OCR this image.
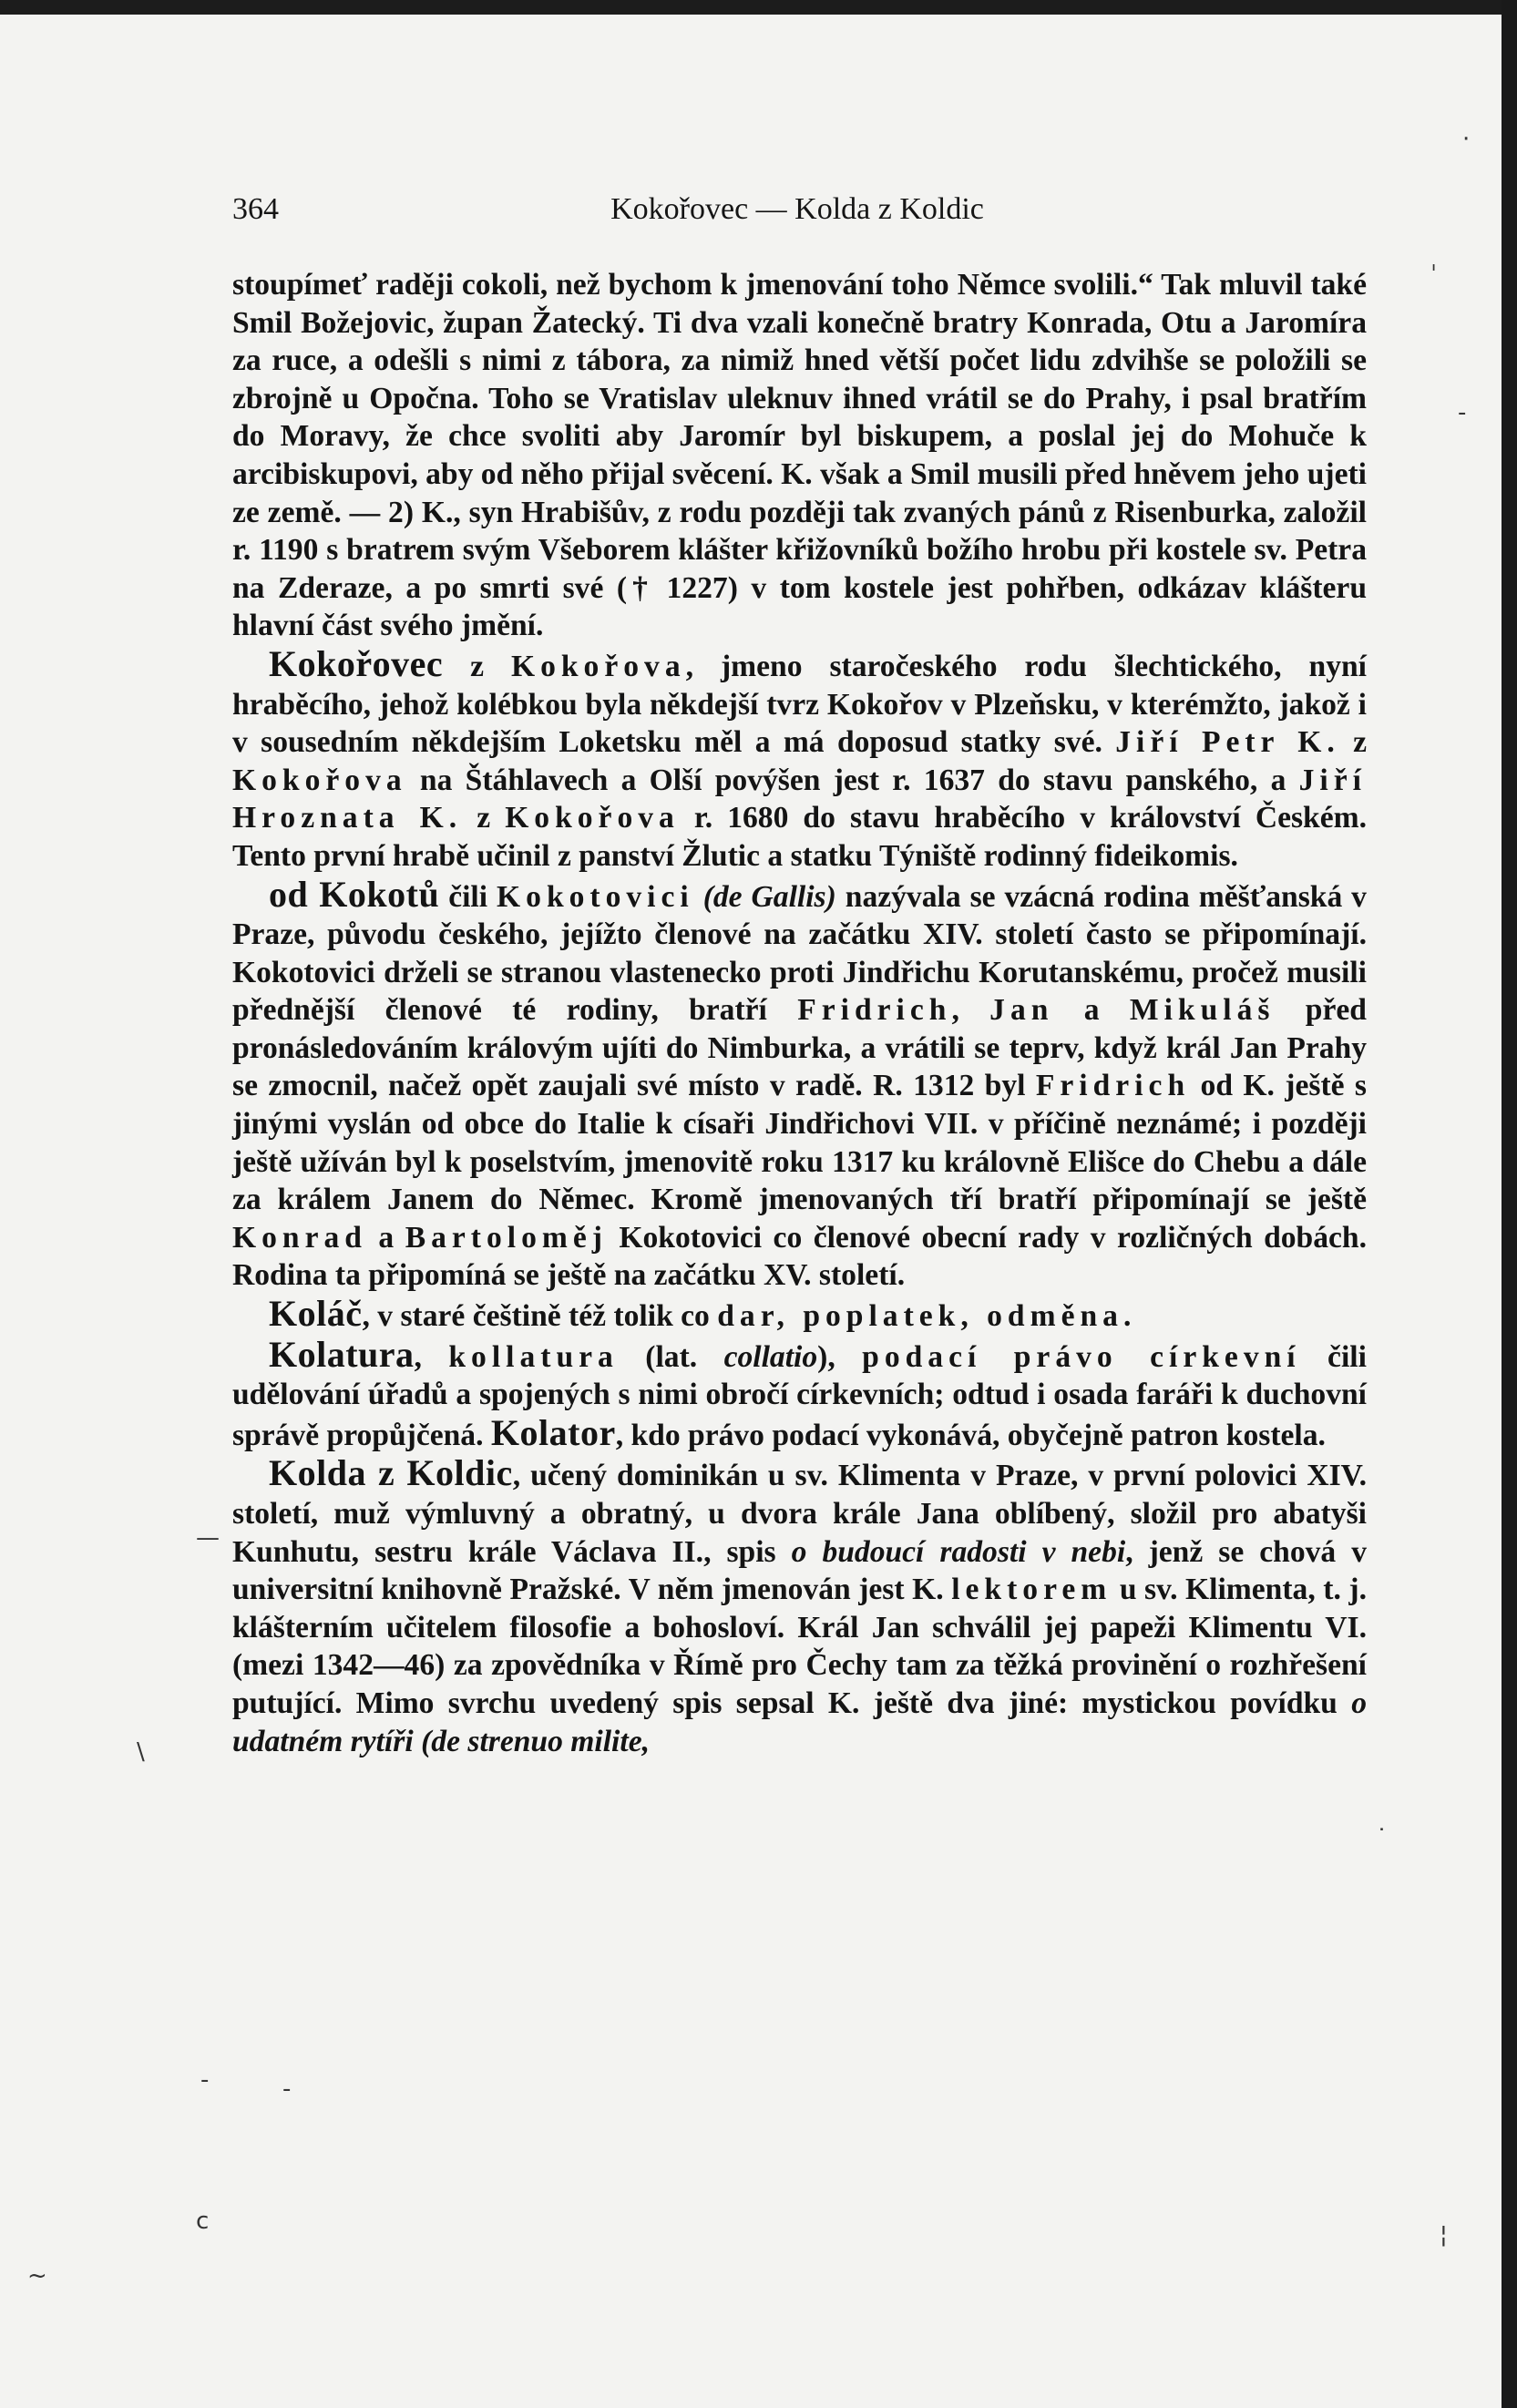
364	Kokořovec — Kolda z Koldic

stoupímeť raději cokoli, než bychom k jmenování toho Němce svolili.“ Tak mluvil také Smil Božejovic, župan Žatecký. Ti dva vzali konečně bratry Konrada, Otu a Jaromíra za ruce, a odešli s nimi z tábora, za nimiž hned větší počet lidu zdvihše se položili se zbrojně u Opočna. Toho se Vratislav uleknuv ihned vrátil se do Prahy, i psal bratřím do Moravy, že chce svoliti aby Jaromír byl biskupem, a poslal jej do Mohuče k arcibiskupovi, aby od něho přijal svěcení. K. však a Smil musili před hněvem jeho ujeti ze země. — 2) K., syn Hrabišův, z rodu později tak zvaných pánů z Risenburka, založil r. 1190 s bratrem svým Všeborem klášter křižovníků božího hrobu při kostele sv. Petra na Zderaze, a po smrti své († 1227) v tom kostele jest pohřben, odkázav klášteru hlavní část svého jmění.

Kokořovec z Kokořova, jmeno staročeského rodu šlechtického, nyní hraběcího, jehož kolébkou byla někdejší tvrz Kokořov v Plzeňsku, v kterémžto, jakož i v sousedním někdejším Loketsku měl a má doposud statky své. Jiří Petr K. z Kokořova na Štáhlavech a Olší povýšen jest r. 1637 do stavu panského, a Jiří Hroznata K. z Kokořova r. 1680 do stavu hraběcího v království Českém. Tento první hrabě učinil z panství Žlutic a statku Týniště rodinný fideikomis.

od Kokotů čili Kokotovici (de Gallis) nazývala se vzácná rodina měšťanská v Praze, původu českého, jejížto členové na začátku XIV. století často se připomínají. Kokotovici drželi se stranou vlastenecko proti Jindřichu Korutanskému, pročež musili přednější členové té rodiny, bratří Fridrich, Jan a Mikuláš před pronásledováním královým ujíti do Nimburka, a vrátili se teprv, když král Jan Prahy se zmocnil, načež opět zaujali své místo v radě. R. 1312 byl Fridrich od K. ještě s jinými vyslán od obce do Italie k císaři Jindřichovi VII. v příčině neznámé; i později ještě užíván byl k poselstvím, jmenovitě roku 1317 ku královně Elišce do Chebu a dále za králem Janem do Němec. Kromě jmenovaných tří bratří připomínají se ještě Konrad a Bartoloměj Kokotovici co členové obecní rady v rozličných dobách. Rodina ta připomíná se ještě na začátku XV. století.

Koláč, v staré češtině též tolik co dar, poplatek, odměna.

Kolatura, kollatura (lat. collatio), podací právo církevní čili udělování úřadů a spojených s nimi obročí církevních; odtud i osada faráři k duchovní správě propůjčená. Kolator, kdo právo podací vykonává, obyčejně patron kostela.

Kolda z Koldic, učený dominikán u sv. Klimenta v Praze, v první polovici XIV. století, muž výmluvný a obratný, u dvora krále Jana oblíbený, složil pro abatyši Kunhutu, sestru krále Václava II., spis o budoucí radosti v nebi, jenž se chová v universitní knihovně Pražské. V něm jmenován jest K. lektorem u sv. Klimenta, t. j. klášterním učitelem filosofie a bohosloví. Král Jan schválil jej papeži Klimentu VI. (mezi 1342—46) za zpovědníka v Římě pro Čechy tam za těžká provinění o rozhřešení putující. Mimo svrchu uvedený spis sepsal K. ještě dva jiné: mystickou povídku o udatném rytíři (de strenuo milite,

·
ˌ
-
—
\
˙
-	-
c
~
¦
